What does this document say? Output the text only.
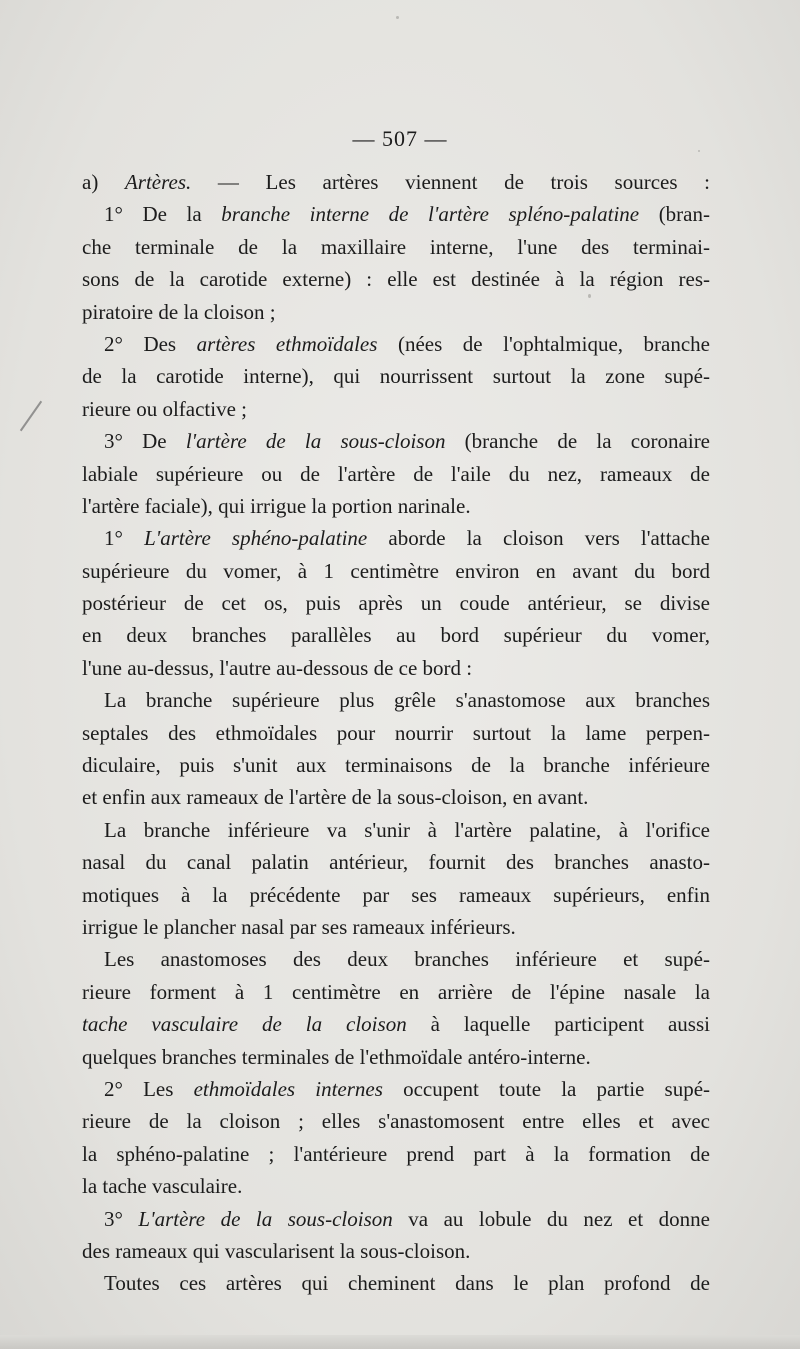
— 507 —
a) Artères. — Les artères viennent de trois sources :
1° De la branche interne de l'artère spléno-palatine (bran-
che terminale de la maxillaire interne, l'une des terminai-
sons de la carotide externe) : elle est destinée à la région res-
piratoire de la cloison ;
2° Des artères ethmoïdales (nées de l'ophtalmique, branche
de la carotide interne), qui nourrissent surtout la zone supé-
rieure ou olfactive ;
3° De l'artère de la sous-cloison (branche de la coronaire
labiale supérieure ou de l'artère de l'aile du nez, rameaux de
l'artère faciale), qui irrigue la portion narinale.
1° L'artère sphéno-palatine aborde la cloison vers l'attache
supérieure du vomer, à 1 centimètre environ en avant du bord
postérieur de cet os, puis après un coude antérieur, se divise
en deux branches parallèles au bord supérieur du vomer,
l'une au-dessus, l'autre au-dessous de ce bord :
La branche supérieure plus grêle s'anastomose aux branches
septales des ethmoïdales pour nourrir surtout la lame perpen-
diculaire, puis s'unit aux terminaisons de la branche inférieure
et enfin aux rameaux de l'artère de la sous-cloison, en avant.
La branche inférieure va s'unir à l'artère palatine, à l'orifice
nasal du canal palatin antérieur, fournit des branches anasto-
motiques à la précédente par ses rameaux supérieurs, enfin
irrigue le plancher nasal par ses rameaux inférieurs.
Les anastomoses des deux branches inférieure et supé-
rieure forment à 1 centimètre en arrière de l'épine nasale la
tache vasculaire de la cloison à laquelle participent aussi
quelques branches terminales de l'ethmoïdale antéro-interne.
2° Les ethmoïdales internes occupent toute la partie supé-
rieure de la cloison ; elles s'anastomosent entre elles et avec
la sphéno-palatine ; l'antérieure prend part à la formation de
la tache vasculaire.
3° L'artère de la sous-cloison va au lobule du nez et donne
des rameaux qui vascularisent la sous-cloison.
Toutes ces artères qui cheminent dans le plan profond de
